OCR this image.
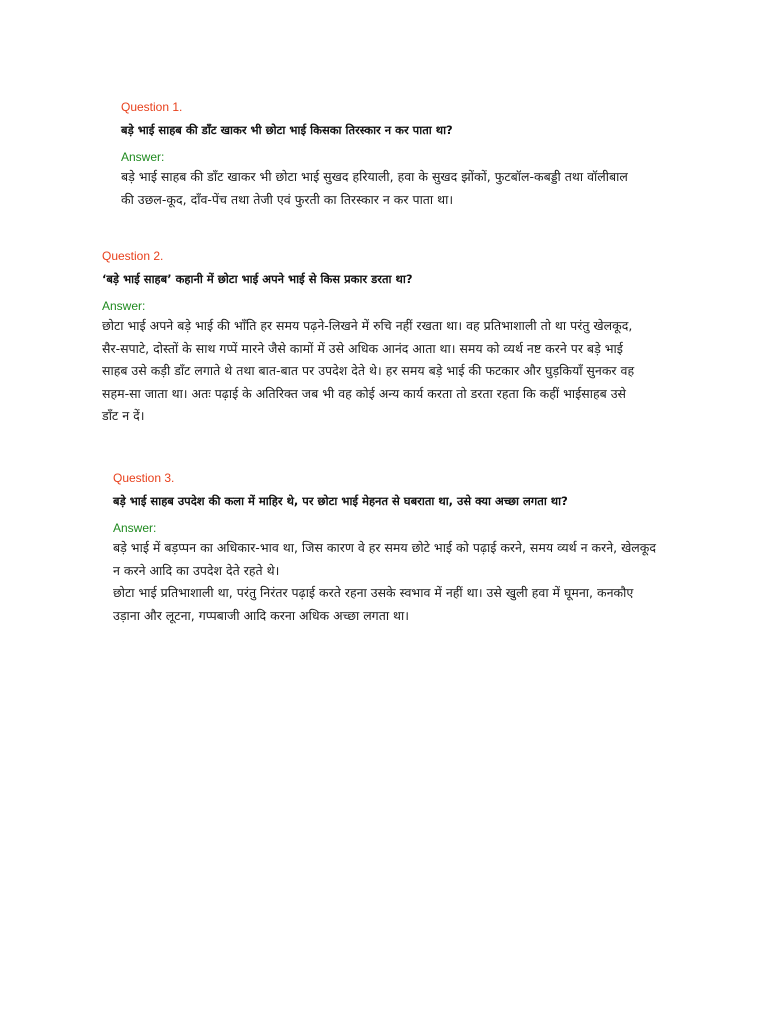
Question 1.

बड़े भाई साहब की डाँट खाकर भी छोटा भाई किसका तिरस्कार न कर पाता था?

Answer:

बड़े भाई साहब की डाँट खाकर भी छोटा भाई सुखद हरियाली, हवा के सुखद झोंकों, फुटबॉल-कबड्डी तथा वॉलीबाल की उछल-कूद, दाँव-पेंच तथा तेजी एवं फुरती का तिरस्कार न कर पाता था।

Question 2.

‘बड़े भाई साहब’ कहानी में छोटा भाई अपने भाई से किस प्रकार डरता था?

Answer:

छोटा भाई अपने बड़े भाई की भाँति हर समय पढ़ने-लिखने में रुचि नहीं रखता था। वह प्रतिभाशाली तो था परंतु खेलकूद, सैर-सपाटे, दोस्तों के साथ गप्पें मारने जैसे कामों में उसे अधिक आनंद आता था। समय को व्यर्थ नष्ट करने पर बड़े भाई साहब उसे कड़ी डाँट लगाते थे तथा बात-बात पर उपदेश देते थे। हर समय बड़े भाई की फटकार और घुड़कियाँ सुनकर वह सहम-सा जाता था। अतः पढ़ाई के अतिरिक्त जब भी वह कोई अन्य कार्य करता तो डरता रहता कि कहीं भाईसाहब उसे डाँट न दें।

Question 3.

बड़े भाई साहब उपदेश की कला में माहिर थे, पर छोटा भाई मेहनत से घबराता था, उसे क्या अच्छा लगता था?

Answer:

बड़े भाई में बड़प्पन का अधिकार-भाव था, जिस कारण वे हर समय छोटे भाई को पढ़ाई करने, समय व्यर्थ न करने, खेलकूद न करने आदि का उपदेश देते रहते थे।

छोटा भाई प्रतिभाशाली था, परंतु निरंतर पढ़ाई करते रहना उसके स्वभाव में नहीं था। उसे खुली हवा में घूमना, कनकौए उड़ाना और लूटना, गप्पबाजी आदि करना अधिक अच्छा लगता था।
